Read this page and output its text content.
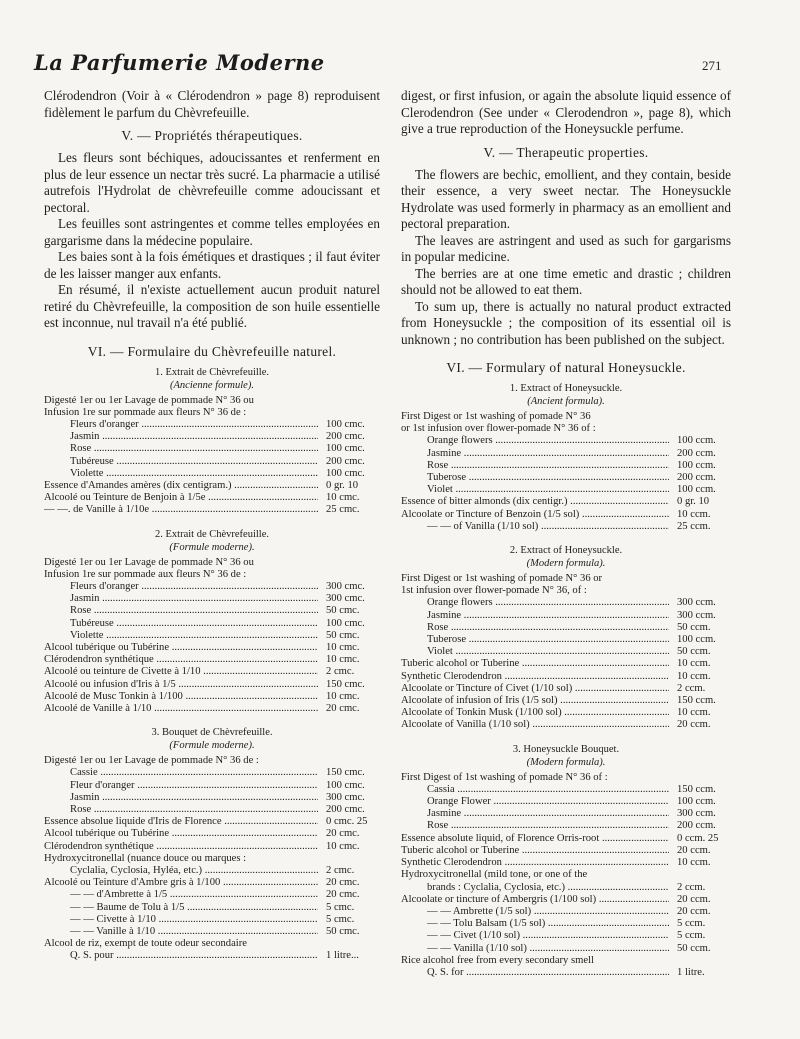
La Parfumerie Moderne	271

Clérodendron (Voir à « Clérodendron » page 8) reproduisent fidèlement le parfum du Chèvrefeuille.

V. — Propriétés thérapeutiques.

Les fleurs sont béchiques, adoucissantes et renferment en plus de leur essence un nectar très sucré. La pharmacie a utilisé autrefois l'Hydrolat de chèvrefeuille comme adoucissant et pectoral.

Les feuilles sont astringentes et comme telles employées en gargarisme dans la médecine populaire.

Les baies sont à la fois émétiques et drastiques ; il faut éviter de les laisser manger aux enfants.

En résumé, il n'existe actuellement aucun produit naturel retiré du Chèvrefeuille, la composition de son huile essentielle est inconnue, nul travail n'a été publié.

VI. — Formulaire du Chèvrefeuille naturel.
1. Extrait de Chèvrefeuille.
(Ancienne formule).
Digesté 1er ou 1er Lavage de pommade N° 36 ou
Infusion 1re sur pommade aux fleurs N° 36 de :
Fleurs d'oranger .....	100 cmc.
Jasmin .....	200 cmc.
Rose .....	100 cmc.
Tubéreuse .....	200 cmc.
Violette .....	100 cmc.
Essence d'Amandes amères (dix centigram.) .....	0 gr. 10
Alcoolé ou Teinture de Benjoin à 1/5e .....	10 cmc.
— —. de Vanille à 1/10e .....	25 cmc.
2. Extrait de Chèvrefeuille.
(Formule moderne).
Digesté 1er ou 1er Lavage de pommade N° 36 ou
Infusion 1re sur pommade aux fleurs N° 36 de :
Fleurs d'oranger .....	300 cmc.
Jasmin .....	300 cmc.
Rose .....	50 cmc.
Tubéreuse .....	100 cmc.
Violette .....	50 cmc.
Alcool tubérique ou Tubérine .....	10 cmc.
Clérodendron synthétique .....	10 cmc.
Alcoolé ou teinture de Civette à 1/10 .....	2 cmc.
Alcoolé ou infusion d'Iris à 1/5 .....	150 cmc.
Alcoolé de Musc Tonkin à 1/100 .....	10 cmc.
Alcoolé de Vanille à 1/10 .....	20 cmc.
3. Bouquet de Chèvrefeuille.
(Formule moderne).
Digesté 1er ou 1er Lavage de pommade N° 36 de :
Cassie .....	150 cmc.
Fleur d'oranger .....	100 cmc.
Jasmin .....	300 cmc.
Rose .....	200 cmc.
Essence absolue liquide d'Iris de Florence .....	0 cmc. 25
Alcool tubérique ou Tubérine .....	20 cmc.
Clérodendron synthétique .....	10 cmc.
Hydroxycitronellal (nuance douce ou marques :
Cyclalia, Cyclosia, Hyléa, etc.) .....	2 cmc.
Alcoolé ou Teinture d'Ambre gris à 1/100 .....	20 cmc.
— — d'Ambrette à 1/5 .....	20 cmc.
— — Baume de Tolu à 1/5 .....	5 cmc.
— — Civette à 1/10 .....	5 cmc.
— — Vanille à 1/10 .....	50 cmc.
Alcool de riz, exempt de toute odeur secondaire
Q. S. pour .....	1 litre...

digest, or first infusion, or again the absolute liquid essence of Clerodendron (See under « Clerodendron », page 8), which give a true reproduction of the Honeysuckle perfume.

V. — Therapeutic properties.

The flowers are bechic, emollient, and they contain, beside their essence, a very sweet nectar. The Honeysuckle Hydrolate was used formerly in pharmacy as an emollient and pectoral preparation.

The leaves are astringent and used as such for gargarisms in popular medicine.

The berries are at one time emetic and drastic ; children should not be allowed to eat them.

To sum up, there is actually no natural product extracted from Honeysuckle ; the composition of its essential oil is unknown ; no contribution has been published on the subject.

VI. — Formulary of natural Honeysuckle.
1. Extract of Honeysuckle.
(Ancient formula).
First Digest or 1st washing of pomade N° 36
or 1st infusion over flower-pomade N° 36 of :
Orange flowers .....	100 ccm.
Jasmine .....	200 ccm.
Rose .....	100 ccm.
Tuberose .....	200 ccm.
Violet .....	100 ccm.
Essence of bitter almonds (dix centigr.) .....	0 gr. 10
Alcoolate or Tincture of Benzoin (1/5 sol) .....	10 ccm.
— — of Vanilla (1/10 sol) .....	25 ccm.
2. Extract of Honeysuckle.
(Modern formula).
First Digest or 1st washing of pomade N° 36 or
1st infusion over flower-pomade N° 36, of :
Orange flowers .....	300 ccm.
Jasmine .....	300 ccm.
Rose .....	50 ccm.
Tuberose .....	100 ccm.
Violet .....	50 ccm.
Tuberic alcohol or Tuberine .....	10 ccm.
Synthetic Clerodendron .....	10 ccm.
Alcoolate or Tincture of Civet (1/10 sol) .....	2 ccm.
Alcoolate of infusion of Iris (1/5 sol) .....	150 ccm.
Alcoolate of Tonkin Musk (1/100 sol) .....	10 ccm.
Alcoolate of Vanilla (1/10 sol) .....	20 ccm.
3. Honeysuckle Bouquet.
(Modern formula).
First Digest of 1st washing of pomade N° 36 of :
Cassia .....	150 ccm.
Orange Flower .....	100 ccm.
Jasmine .....	300 ccm.
Rose .....	200 ccm.
Essence absolute liquid, of Florence Orris-root .....	0 ccm. 25
Tuberic alcohol or Tuberine .....	20 ccm.
Synthetic Clerodendron .....	10 ccm.
Hydroxycitronellal (mild tone, or one of the
brands : Cyclalia, Cyclosia, etc.) .....	2 ccm.
Alcoolate or tincture of Ambergris (1/100 sol) .....	20 ccm.
— — Ambrette (1/5 sol) .....	20 ccm.
— — Tolu Balsam (1/5 sol) .....	5 ccm.
— — Civet (1/10 sol) .....	5 ccm.
— — Vanilla (1/10 sol) .....	50 ccm.
Rice alcohol free from every secondary smell
Q. S. for .....	1 litre.
